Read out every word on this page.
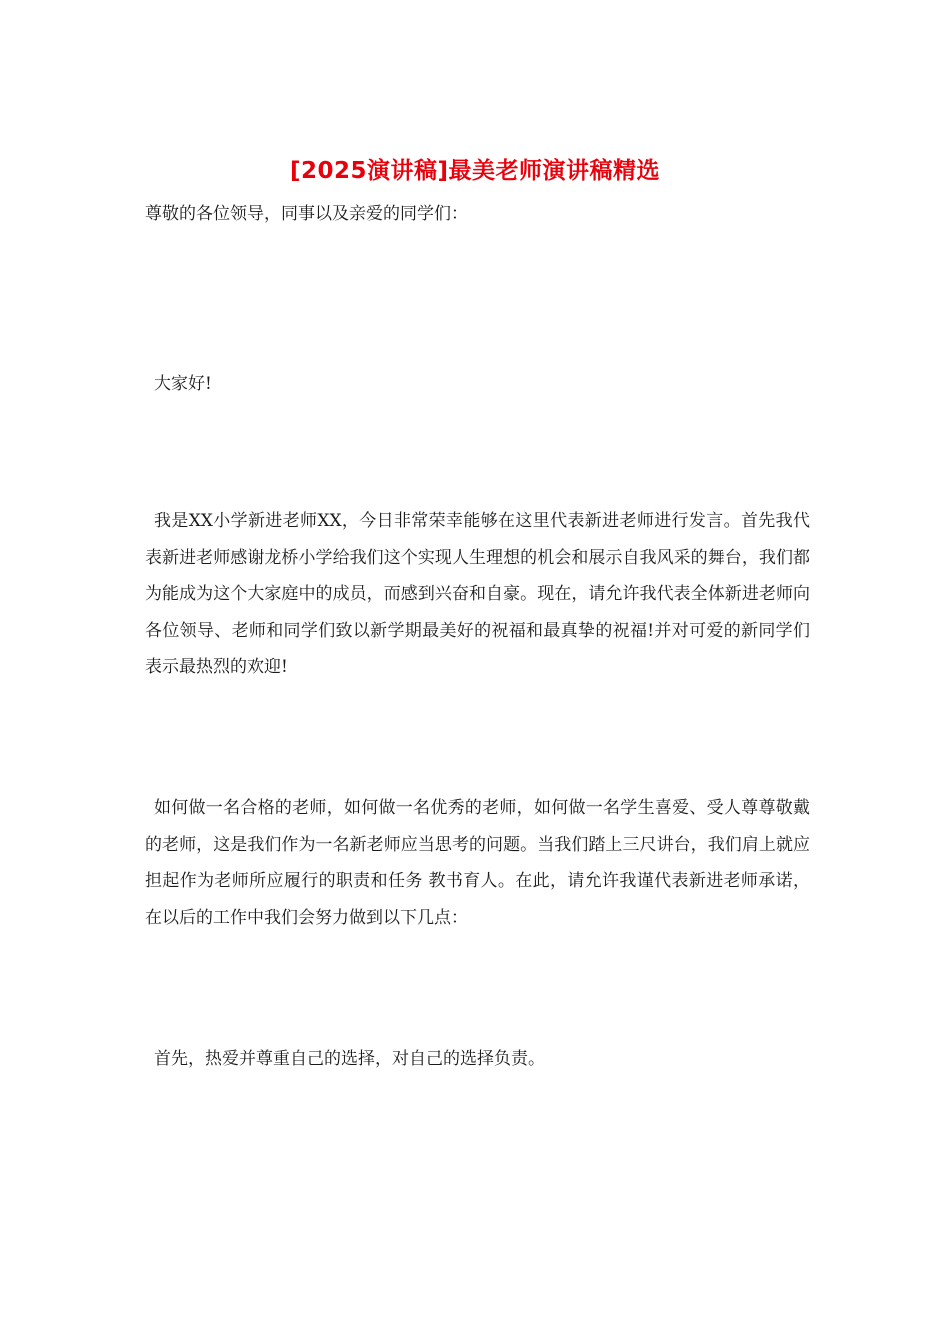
[2025演讲稿]最美老师演讲稿精选

尊敬的各位领导，同事以及亲爱的同学们：

大家好!

我是XX小学新进老师XX，今日非常荣幸能够在这里代表新进老师进行发言。首先我代表新进老师感谢龙桥小学给我们这个实现人生理想的机会和展示自我风采的舞台，我们都为能成为这个大家庭中的成员，而感到兴奋和自豪。现在，请允许我代表全体新进老师向各位领导、老师和同学们致以新学期最美好的祝福和最真挚的祝福!并对可爱的新同学们表示最热烈的欢迎!

如何做一名合格的老师，如何做一名优秀的老师，如何做一名学生喜爱、受人尊尊敬戴的老师，这是我们作为一名新老师应当思考的问题。当我们踏上三尺讲台，我们肩上就应担起作为老师所应履行的职责和任务 教书育人。在此，请允许我谨代表新进老师承诺，在以后的工作中我们会努力做到以下几点：

首先，热爱并尊重自己的选择，对自己的选择负责。
